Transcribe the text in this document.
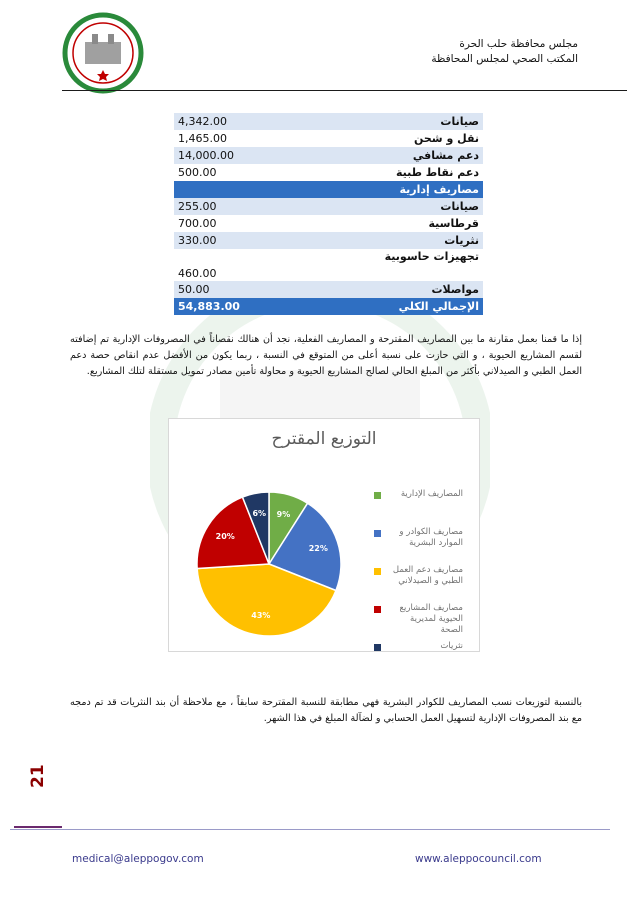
مجلس محافظة حلب الحرة
المكتب الصحي لمجلس المحافظة
4,342.00	صيانات
1,465.00	نقل و شحن
14,000.00	دعم مشافي
500.00	دعم نقاط طبية
	مصاريف إدارية
255.00	صيانات
700.00	قرطاسية
330.00	نثريات
460.00	تجهيزات حاسوبية
50.00	مواصلات
54,883.00	الإجمالي الكلي

إذا ما قمنا بعمل مقارنة ما بين المصاريف المقترحة و المصاريف الفعلية، نجد أن هنالك نقصاناً في المصروفات الإدارية تم إضافته لقسم المشاريع الحيوية ، و التي حازت على نسبة أعلى من المتوقع في النسبة ، ربما يكون من الأفضل عدم انقاص حصة دعم العمل الطبي و الصيدلاني بأكثر من المبلغ الحالي لصالح المشاريع الحيوية و محاولة تأمين مصادر تمويل مستقلة لتلك المشاريع.

التوزيع المقترح
9%
22%
43%
20%
6%
المصاريف الإدارية
مصاريف الكوادر و الموارد البشرية
مصاريف دعم العمل الطبي و الصيدلاني
مصاريف المشاريع الحيوية لمديرية الصحة
نثريات

بالنسبة لتوزيعات نسب المصاريف للكوادر البشرية فهي مطابقة للنسبة المقترحة سابقاً ، مع ملاحظة أن بند النثريات قد تم دمجه مع بند المصروفات الإدارية لتسهيل العمل الحسابي و لضآلة المبلغ في هذا الشهر.

21
medical@aleppogov.com	www.aleppocouncil.com
